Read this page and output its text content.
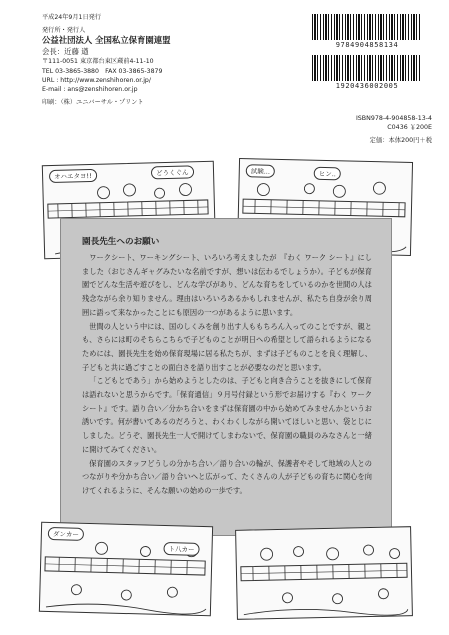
平成24年9月1日発行
発行所・発行人
公益社団法人 全国私立保育園連盟
会長：近藤 遒
〒111-0051 東京都台東区蔵前4-11-10
TEL 03-3865-3880　FAX 03-3865-3879
URL : http://www.zenshihoren.or.jp/
E-mail : ans@zenshihoren.or.jp
印刷：（株）ユニバーサル・プリント
9784904858134
1920436002005
ISBN978-4-904858-13-4
C0436 ￥200E
定価：本体200円＋税
オハエタヨ!!	どうくぐん	試験...	ヒン..
園長先生へのお願い

ワークシート、ワーキングシート、いろいろ考えましたが　『わく ワーク シート』にしました（おじさんギャグみたいな名前ですが、想いは伝わるでしょうか）。子どもが保育園でどんな生活や遊びをし、どんな学びがあり、どんな育ちをしているのかを世間の人は残念ながら余り知りません。理由はいろいろあるかもしれませんが、私たち自身が余り周囲に語って来なかったことにも原因の一つがあるように思います。

世間の人という中には、国のしくみを創り出す人ももちろん入ってのことですが、親とも、さらには町のそちらこちらで子どものことが明日への希望として語られるようになるためには、園長先生を始め保育現場に居る私たちが、まずは子どものことを良く理解し、子どもと共に過ごすことの面白さを語り出すことが必要なのだと思います。

「こどもとであう」から始めようとしたのは、子どもと向き合うことを抜きにして保育は語れないと思うからです。「保育通信」９月号付録という形でお届けする『わく ワーク シート』です。語り合い／分かち合いをまずは保育園の中から始めてみませんかというお誘いです。何が書いてあるのだろうと、わくわくしながら開いてほしいと思い、袋とじにしました。どうぞ、園長先生一人で開けてしまわないで、保育園の職員のみなさんと一緒に開けてみてください。

保育園のスタッフどうしの分かち合い／語り合いの輪が、保護者やそして地域の人とのつながりや分かち合い／語り合いへと広がって、たくさんの人が子どもの育ちに関心を向けてくれるように、そんな願いの始めの一歩です。

ダンカー
ト八カー
